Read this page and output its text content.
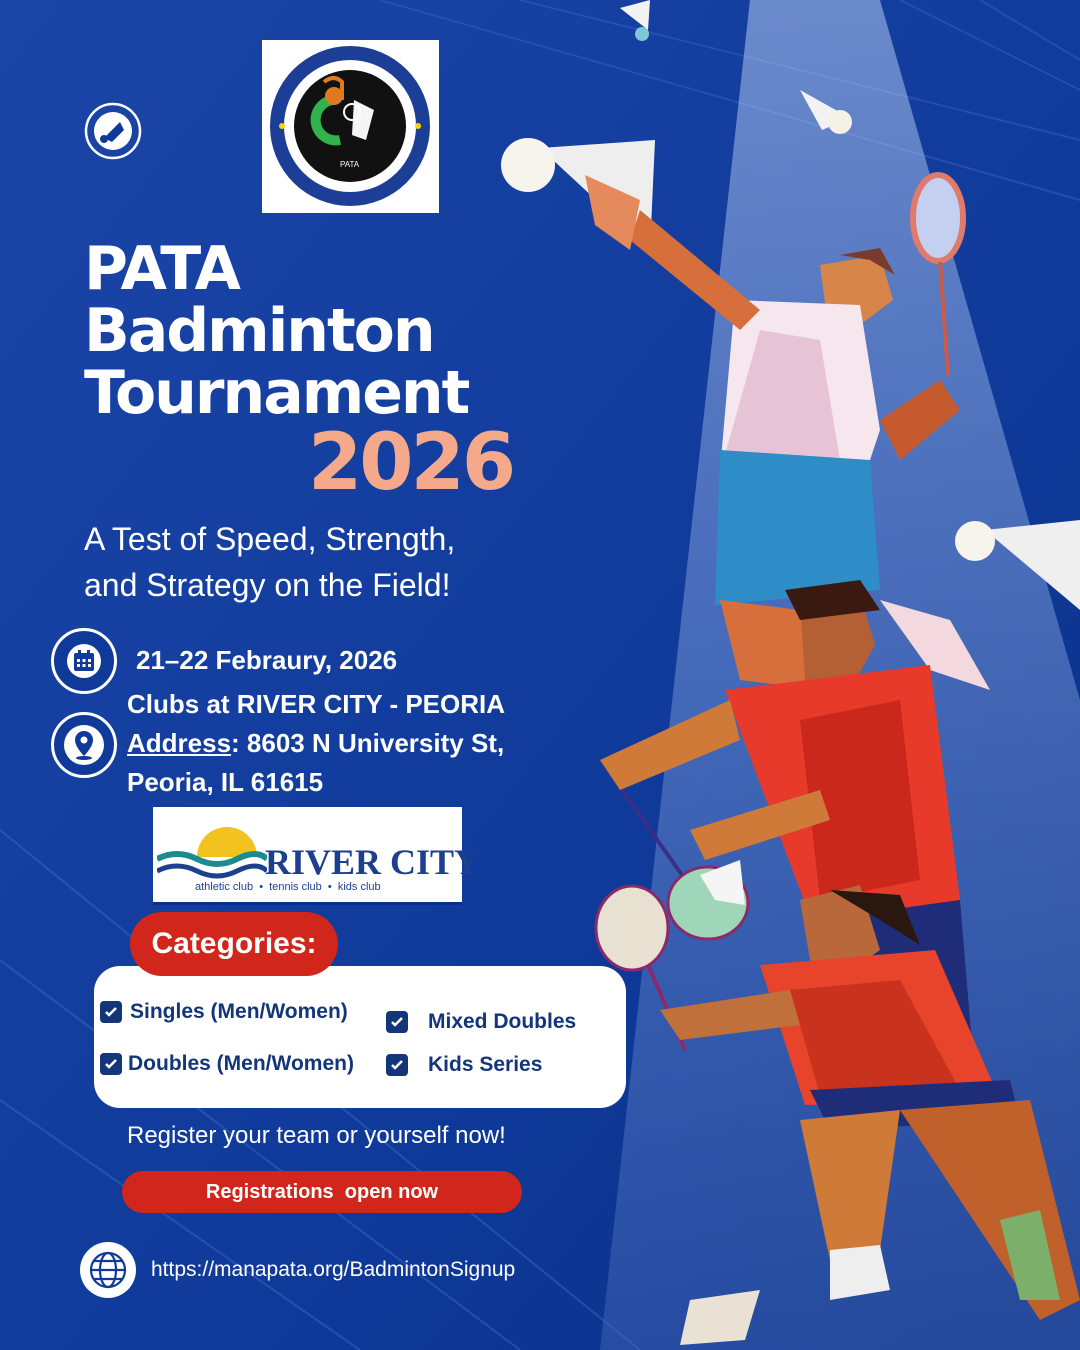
PATA
PATA
Badminton
Tournament
2026
A Test of Speed, Strength,
and Strategy on the Field!
21–22 Febraury, 2026
Clubs at RIVER CITY - PEORIA
Address: 8603 N University St,
Peoria, IL 61615
RIVER CITY
athletic club  •  tennis club  •  kids club
Singles (Men/Women)	Mixed Doubles
Doubles (Men/Women)	Kids Series
Categories:
Register your team or yourself now!
Registrations  open now
https://manapata.org/BadmintonSignup
